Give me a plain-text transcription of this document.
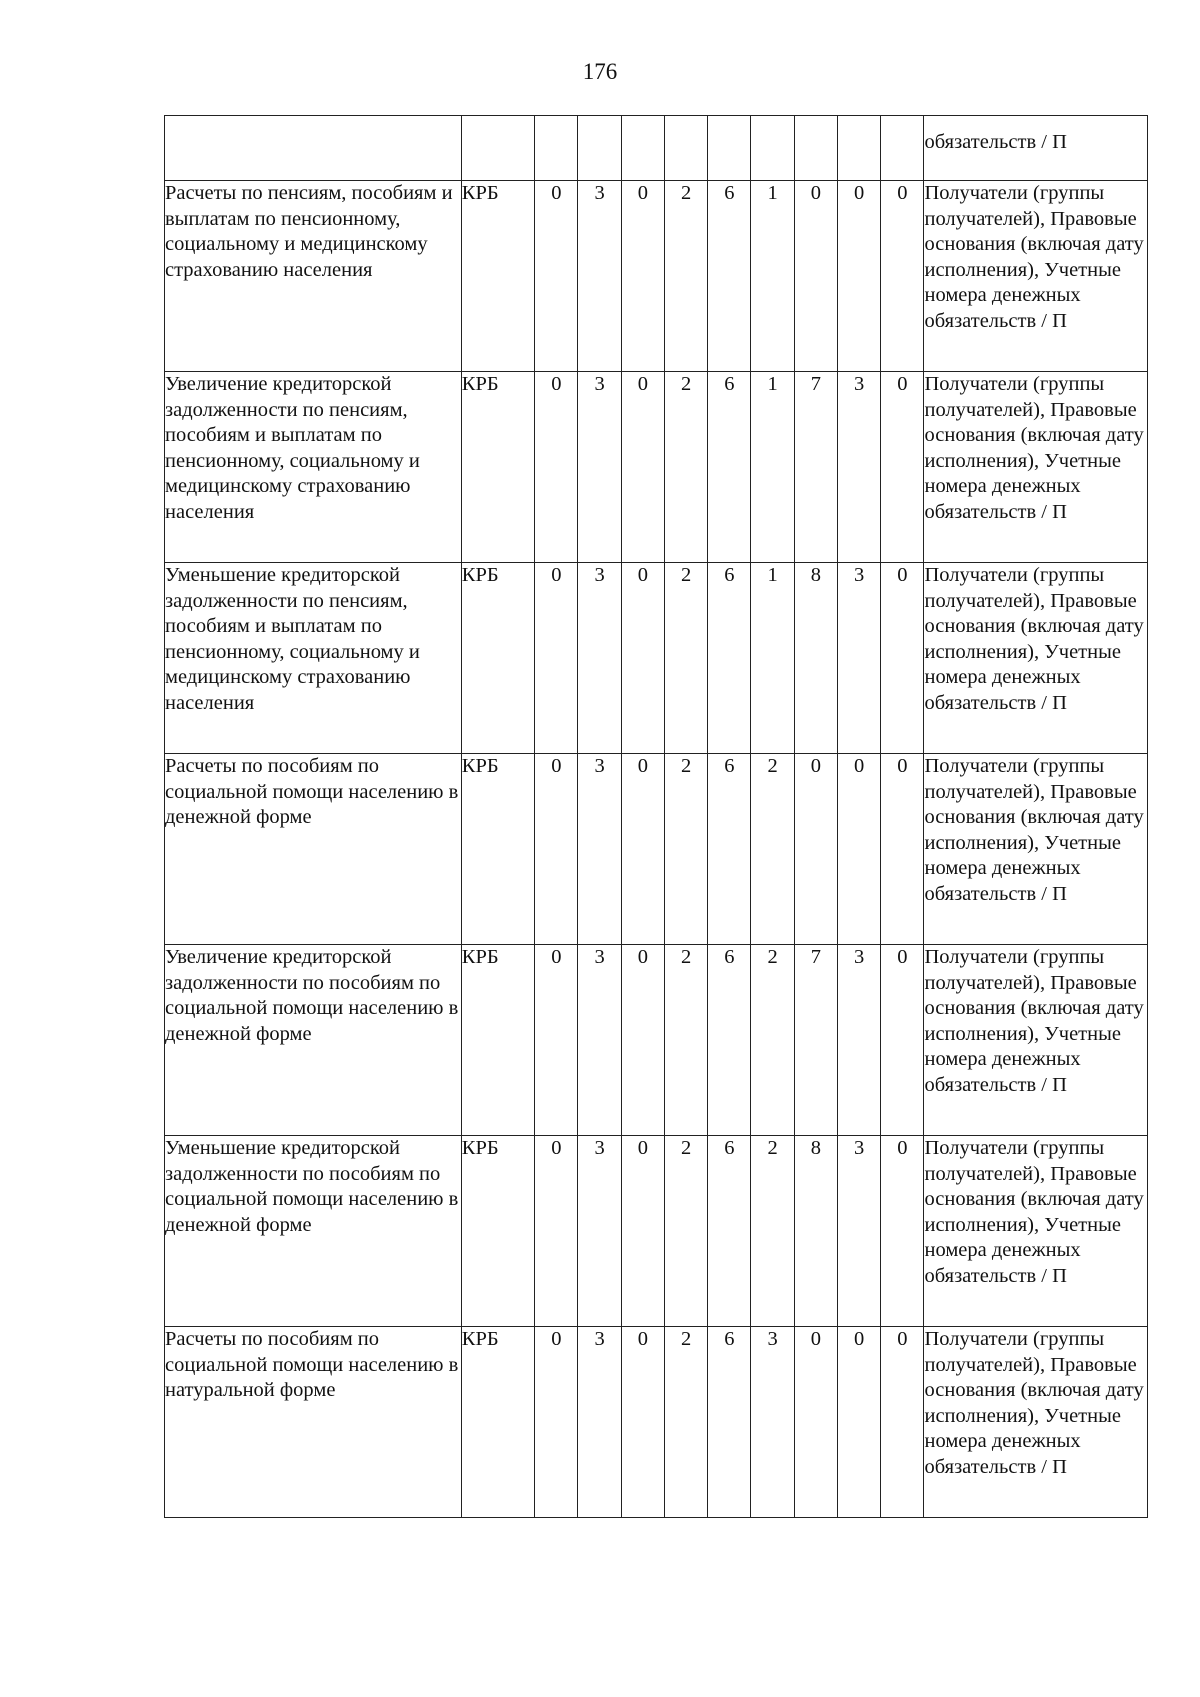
176
											обязательств / П
Расчеты по пенсиям, пособиям и выплатам по пенсионному, социальному и медицинскому страхованию населения	КРБ	0	3	0	2	6	1	0	0	0	Получатели (группы получателей), Правовые основания (включая дату исполнения), Учетные номера денежных обязательств / П
Увеличение кредиторской задолженности по пенсиям, пособиям и выплатам по пенсионному, социальному и медицинскому страхованию населения	КРБ	0	3	0	2	6	1	7	3	0	Получатели (группы получателей), Правовые основания (включая дату исполнения), Учетные номера денежных обязательств / П
Уменьшение кредиторской задолженности по пенсиям, пособиям и выплатам по пенсионному, социальному и медицинскому страхованию населения	КРБ	0	3	0	2	6	1	8	3	0	Получатели (группы получателей), Правовые основания (включая дату исполнения), Учетные номера денежных обязательств / П
Расчеты по пособиям по социальной помощи населению в денежной форме	КРБ	0	3	0	2	6	2	0	0	0	Получатели (группы получателей), Правовые основания (включая дату исполнения), Учетные номера денежных обязательств / П
Увеличение кредиторской задолженности по пособиям по социальной помощи населению в денежной форме	КРБ	0	3	0	2	6	2	7	3	0	Получатели (группы получателей), Правовые основания (включая дату исполнения), Учетные номера денежных обязательств / П
Уменьшение кредиторской задолженности по пособиям по социальной помощи населению в денежной форме	КРБ	0	3	0	2	6	2	8	3	0	Получатели (группы получателей), Правовые основания (включая дату исполнения), Учетные номера денежных обязательств / П
Расчеты по пособиям по социальной помощи населению в натуральной форме	КРБ	0	3	0	2	6	3	0	0	0	Получатели (группы получателей), Правовые основания (включая дату исполнения), Учетные номера денежных обязательств / П
